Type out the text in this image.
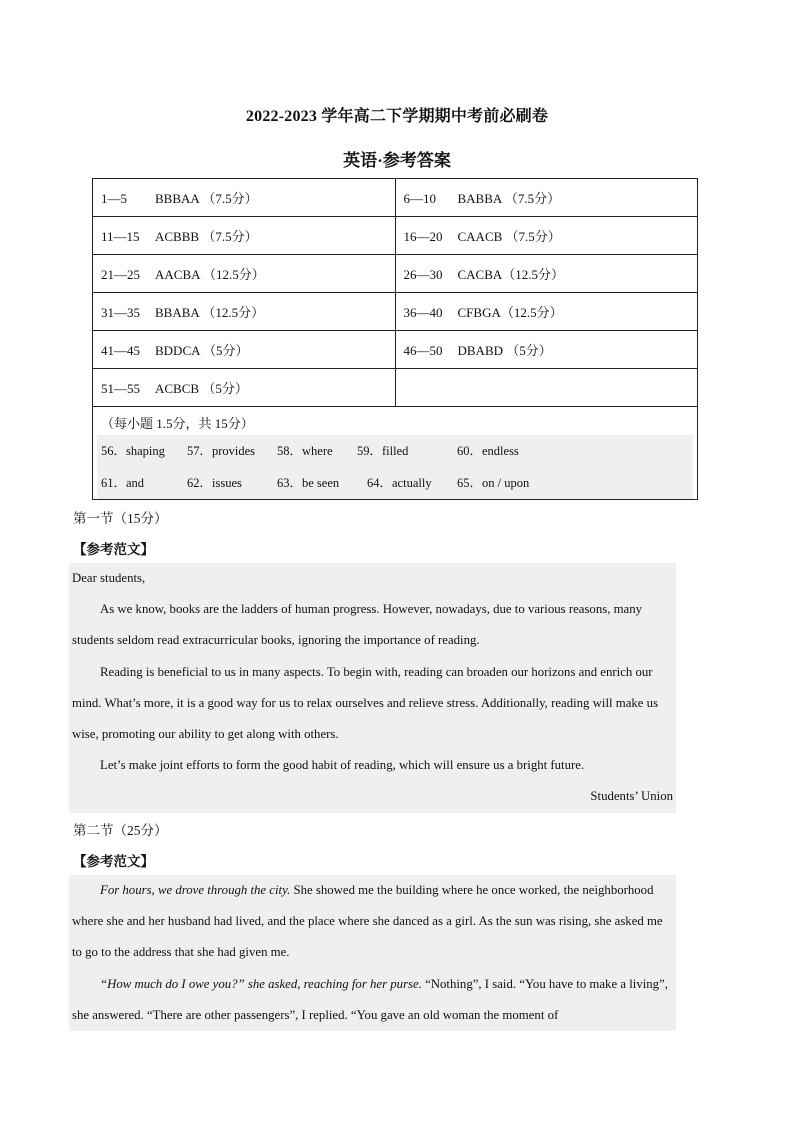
2022-2023 学年高二下学期期中考前必刷卷
英语·参考答案
1—5 BBBAA （7.5分）	6—10 BABBA （7.5分）
11—15 ACBBB （7.5分）	16—20 CAACB （7.5分）
21—25 AACBA （12.5分）	26—30 CACBA（12.5分）
31—35 BBABA （12.5分）	36—40 CFBGA（12.5分）
41—45 BDDCA （5分）	46—50 DBABD （5分）
51—55 ACBCB （5分）	

（每小题 1.5分，共 15分）
56．shaping 57．provides 58．where 59．filled 60．endless
61．and 62．issues 63．be seen 64．actually 65．on / upon	
第一节（15分）
【参考范文】

Dear students,

As we know, books are the ladders of human progress. However, nowadays, due to various reasons, many students seldom read extracurricular books, ignoring the importance of reading.

Reading is beneficial to us in many aspects. To begin with, reading can broaden our horizons and enrich our mind. What’s more, it is a good way for us to relax ourselves and relieve stress. Additionally, reading will make us wise, promoting our ability to get along with others.

Let’s make joint efforts to form the good habit of reading, which will ensure us a bright future.

Students’ Union

第二节（25分）
【参考范文】

For hours, we drove through the city. She showed me the building where he once worked, the neighborhood where she and her husband had lived, and the place where she danced as a girl. As the sun was rising, she asked me to go to the address that she had given me.

“How much do I owe you?” she asked, reaching for her purse. “Nothing”, I said. “You have to make a living”, she answered. “There are other passengers”, I replied. “You gave an old woman the moment of
